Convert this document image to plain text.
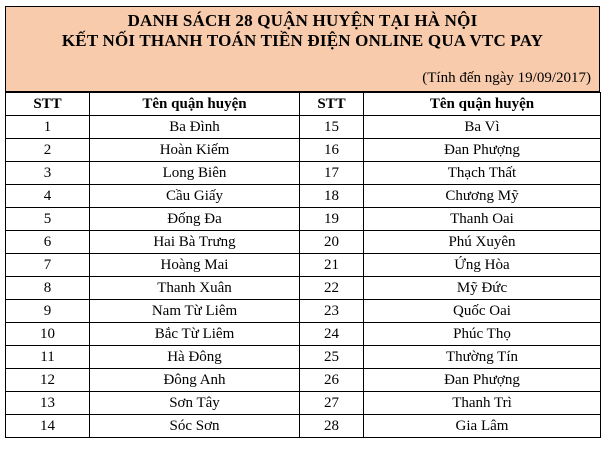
DANH SÁCH 28 QUẬN HUYỆN TẠI HÀ NỘI
KẾT NỐI THANH TOÁN TIỀN ĐIỆN ONLINE QUA VTC PAY
(Tính đến ngày 19/09/2017)
STT	Tên quận huyện	STT	Tên quận huyện
1	Ba Đình	15	Ba Vì
2	Hoàn Kiếm	16	Đan Phượng
3	Long Biên	17	Thạch Thất
4	Cầu Giấy	18	Chương Mỹ
5	Đống Đa	19	Thanh Oai
6	Hai Bà Trưng	20	Phú Xuyên
7	Hoàng Mai	21	Ứng Hòa
8	Thanh Xuân	22	Mỹ Đức
9	Nam Từ Liêm	23	Quốc Oai
10	Bắc Từ Liêm	24	Phúc Thọ
11	Hà Đông	25	Thường Tín
12	Đông Anh	26	Đan Phượng
13	Sơn Tây	27	Thanh Trì
14	Sóc Sơn	28	Gia Lâm
